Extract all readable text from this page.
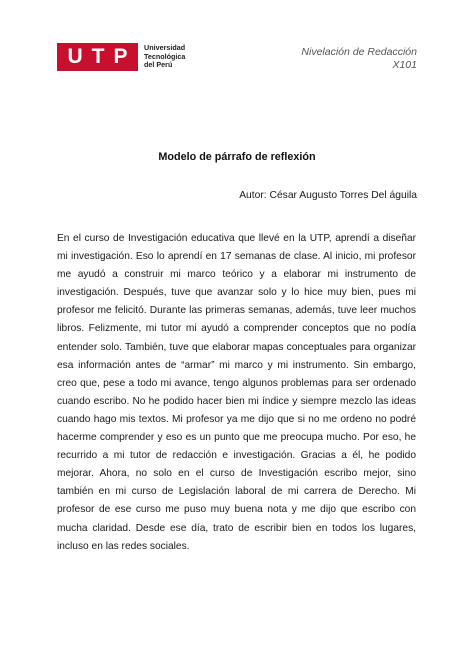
U T P Universidad
Tecnológica
del Perú
Nivelación de Redacción
X101
Modelo de párrafo de reflexión
Autor: César Augusto Torres Del águila

En el curso de Investigación educativa que llevé en la UTP, aprendí a diseñar mi investigación. Eso lo aprendí en 17 semanas de clase. Al inicio, mi profesor me ayudó a construir mi marco teórico y a elaborar mi instrumento de investigación. Después, tuve que avanzar solo y lo hice muy bien, pues mi profesor me felicitó. Durante las primeras semanas, además, tuve leer muchos libros. Felizmente, mi tutor mi ayudó a comprender conceptos que no podía entender solo. También, tuve que elaborar mapas conceptuales para organizar esa información antes de “armar” mi marco y mi instrumento. Sin embargo, creo que, pese a todo mi avance, tengo algunos problemas para ser ordenado cuando escribo. No he podido hacer bien mi índice y siempre mezclo las ideas cuando hago mis textos. Mi profesor ya me dijo que si no me ordeno no podré hacerme comprender y eso es un punto que me preocupa mucho. Por eso, he recurrido a mi tutor de redacción e investigación. Gracias a él, he podido mejorar. Ahora, no solo en el curso de Investigación escribo mejor, sino también en mi curso de Legislación laboral de mi carrera de Derecho. Mi profesor de ese curso me puso muy buena nota y me dijo que escribo con mucha claridad. Desde ese día, trato de escribir bien en todos los lugares, incluso en las redes sociales.
